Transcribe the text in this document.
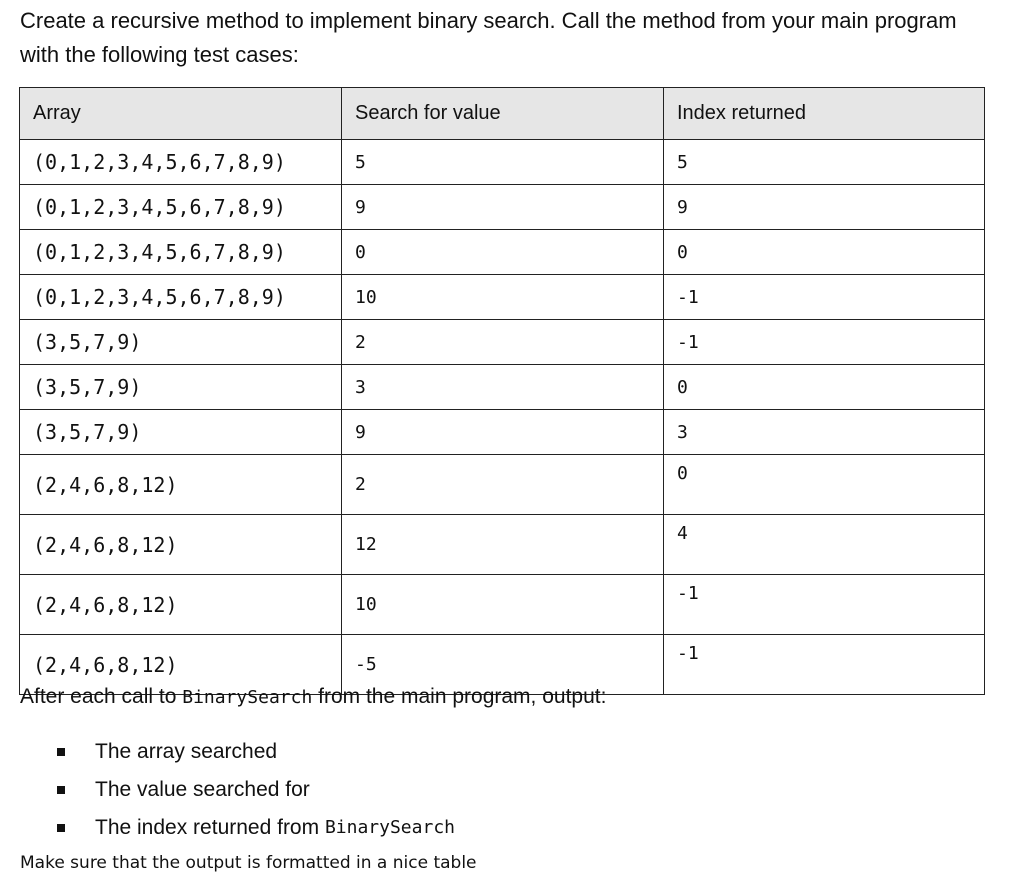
Create a recursive method to implement binary search. Call the method from your main program with the following test cases:

Array	Search for value	Index returned
(0,1,2,3,4,5,6,7,8,9)	5	5
(0,1,2,3,4,5,6,7,8,9)	9	9
(0,1,2,3,4,5,6,7,8,9)	0	0
(0,1,2,3,4,5,6,7,8,9)	10	-1
(3,5,7,9)	2	-1
(3,5,7,9)	3	0
(3,5,7,9)	9	3
(2,4,6,8,12)	2	0
(2,4,6,8,12)	12	4
(2,4,6,8,12)	10	-1
(2,4,6,8,12)	-5	-1

After each call to BinarySearch from the main program, output:

The array searched
The value searched for
The index returned from BinarySearch

Make sure that the output is formatted in a nice table
